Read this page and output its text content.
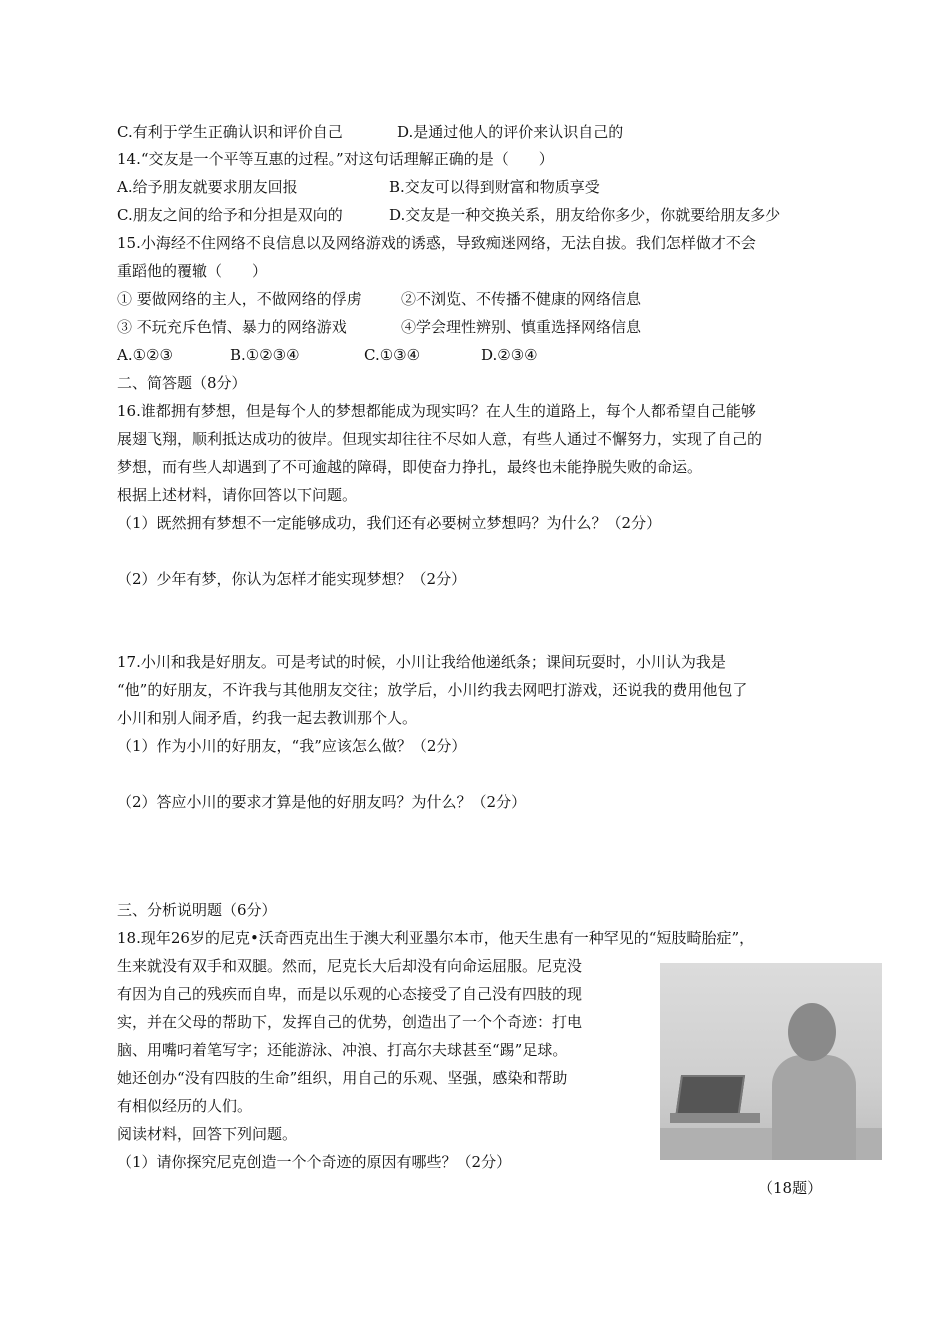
C.有利于学生正确认识和评价自己	D.是通过他人的评价来认识自己的
14.“交友是一个平等互惠的过程。”对这句话理解正确的是（　　）
A.给予朋友就要求朋友回报	B.交友可以得到财富和物质享受
C.朋友之间的给予和分担是双向的	D.交友是一种交换关系，朋友给你多少，你就要给朋友多少
15.小海经不住网络不良信息以及网络游戏的诱惑，导致痴迷网络，无法自拔。我们怎样做才不会
重蹈他的覆辙（　　）
① 要做网络的主人，不做网络的俘虏	②不浏览、不传播不健康的网络信息
③ 不玩充斥色情、暴力的网络游戏	④学会理性辨别、慎重选择网络信息
A.①②③	B.①②③④	C.①③④	D.②③④
二、简答题（8分）
16.谁都拥有梦想，但是每个人的梦想都能成为现实吗？在人生的道路上，每个人都希望自己能够
展翅飞翔，顺利抵达成功的彼岸。但现实却往往不尽如人意，有些人通过不懈努力，实现了自己的
梦想，而有些人却遇到了不可逾越的障碍，即使奋力挣扎，最终也未能挣脱失败的命运。
根据上述材料，请你回答以下问题。
（1）既然拥有梦想不一定能够成功，我们还有必要树立梦想吗？为什么？（2分）
（2）少年有梦，你认为怎样才能实现梦想？（2分）
17.小川和我是好朋友。可是考试的时候，小川让我给他递纸条；课间玩耍时，小川认为我是
“他”的好朋友，不许我与其他朋友交往；放学后，小川约我去网吧打游戏，还说我的费用他包了
小川和别人闹矛盾，约我一起去教训那个人。
（1）作为小川的好朋友，“我”应该怎么做？（2分）
（2）答应小川的要求才算是他的好朋友吗？为什么？（2分）
三、分析说明题（6分）
18.现年26岁的尼克•沃奇西克出生于澳大利亚墨尔本市，他天生患有一种罕见的“短肢畸胎症”，
生来就没有双手和双腿。然而，尼克长大后却没有向命运屈服。尼克没
有因为自己的残疾而自卑，而是以乐观的心态接受了自己没有四肢的现
实，并在父母的帮助下，发挥自己的优势，创造出了一个个奇迹：打电
脑、用嘴叼着笔写字；还能游泳、冲浪、打高尔夫球甚至“踢”足球。
她还创办“没有四肢的生命”组织，用自己的乐观、坚强，感染和帮助
有相似经历的人们。
阅读材料，回答下列问题。
（1）请你探究尼克创造一个个奇迹的原因有哪些？（2分）
（18题）
